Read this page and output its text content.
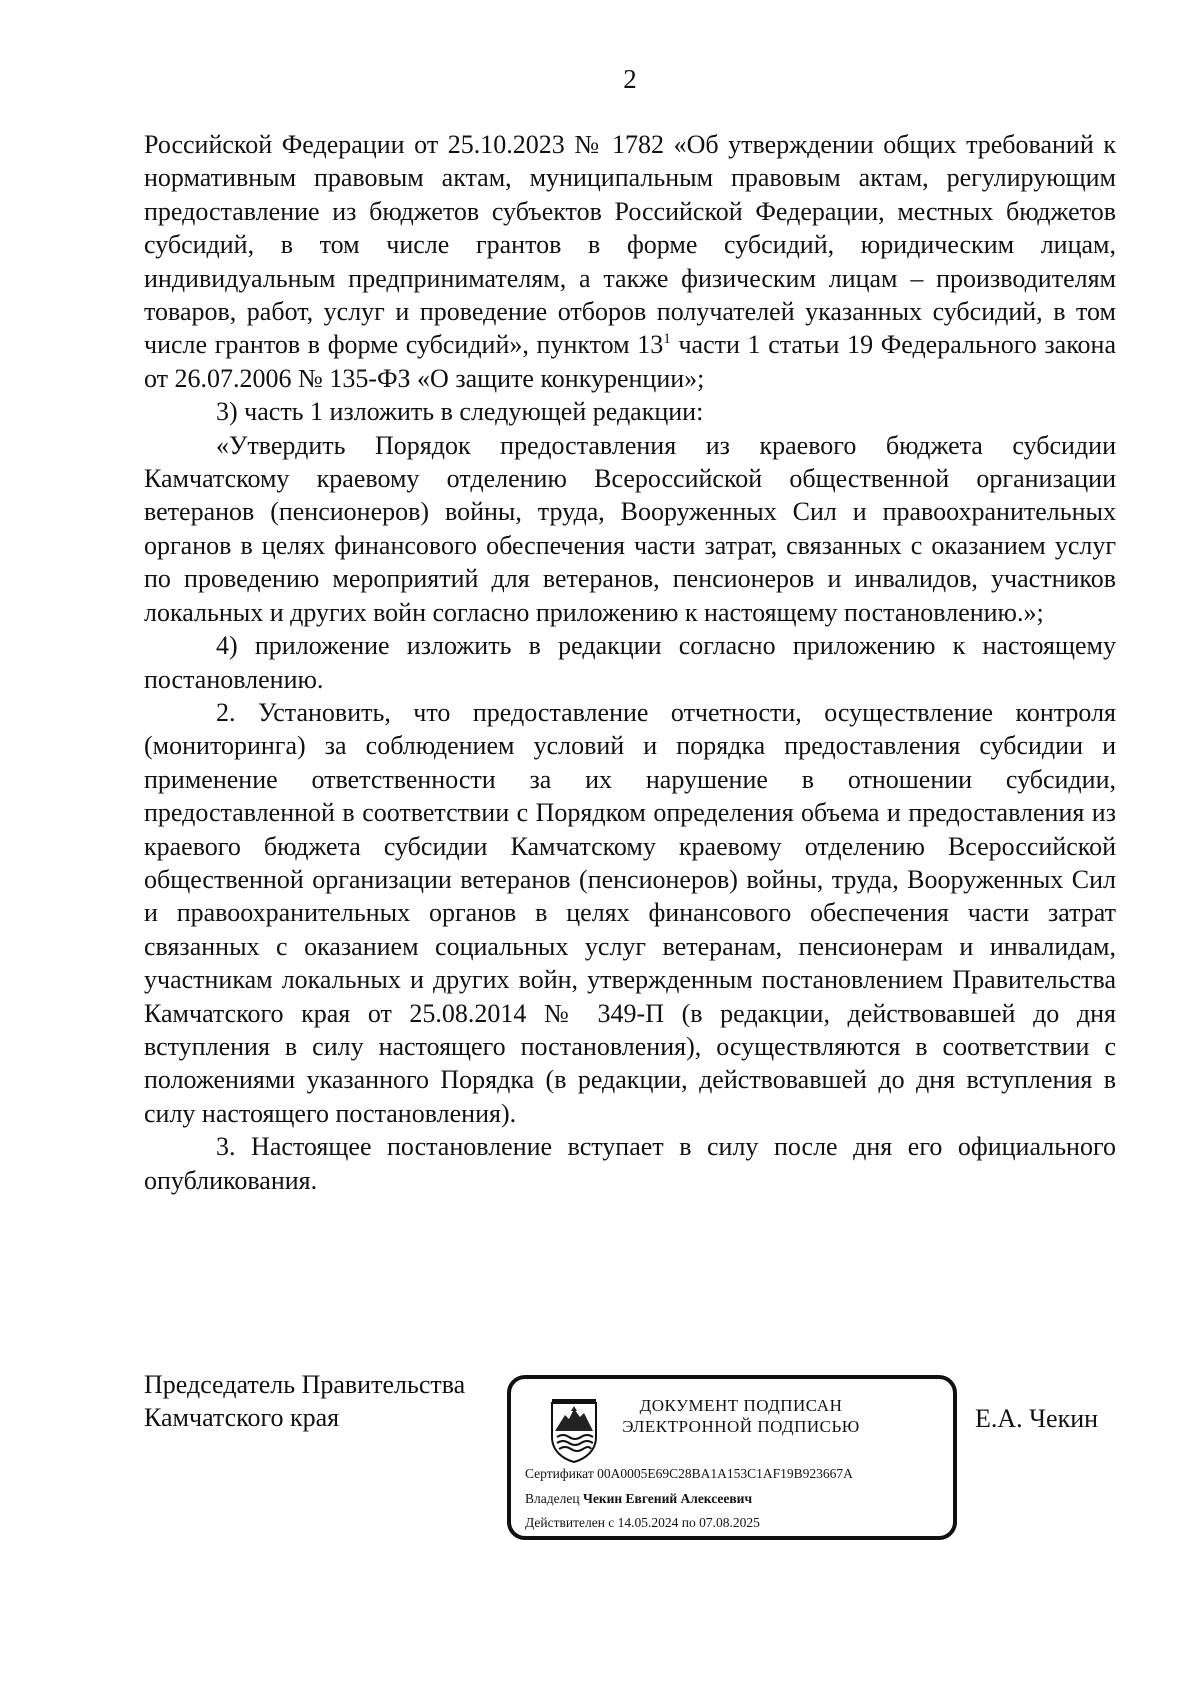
2

Российской Федерации от 25.10.2023 № 1782 «Об утверждении общих требований к нормативным правовым актам, муниципальным правовым актам, регулирующим предоставление из бюджетов субъектов Российской Федерации, местных бюджетов субсидий, в том числе грантов в форме субсидий, юридическим лицам, индивидуальным предпринимателям, а также физическим лицам – производителям товаров, работ, услуг и проведение отборов получателей указанных субсидий, в том числе грантов в форме субсидий», пунктом $13^1$ части 1 статьи 19 Федерального закона от 26.07.2006 № 135-ФЗ «О защите конкуренции»;

3) часть 1 изложить в следующей редакции:

«Утвердить Порядок предоставления из краевого бюджета субсидии Камчатскому краевому отделению Всероссийской общественной организации ветеранов (пенсионеров) войны, труда, Вооруженных Сил и правоохранительных органов в целях финансового обеспечения части затрат, связанных с оказанием услуг по проведению мероприятий для ветеранов, пенсионеров и инвалидов, участников локальных и других войн согласно приложению к настоящему постановлению.»;

4) приложение изложить в редакции согласно приложению к настоящему постановлению.

2. Установить, что предоставление отчетности, осуществление контроля (мониторинга) за соблюдением условий и порядка предоставления субсидии и применение ответственности за их нарушение в отношении субсидии, предоставленной в соответствии с Порядком определения объема и предоставления из краевого бюджета субсидии Камчатскому краевому отделению Всероссийской общественной организации ветеранов (пенсионеров) войны, труда, Вооруженных Сил и правоохранительных органов в целях финансового обеспечения части затрат связанных с оказанием социальных услуг ветеранам, пенсионерам и инвалидам, участникам локальных и других войн, утвержденным постановлением Правительства Камчатского края от 25.08.2014 № 349-П (в редакции, действовавшей до дня вступления в силу настоящего постановления), осуществляются в соответствии с положениями указанного Порядка (в редакции, действовавшей до дня вступления в силу настоящего постановления).

3. Настоящее постановление вступает в силу после дня его официального опубликования.

Председатель Правительства
Камчатского края	ДОКУМЕНТ ПОДПИСАН
ЭЛЕКТРОННОЙ ПОДПИСЬЮ
Сертификат 00A0005E69C28BA1A153C1AF19B923667A
Владелец Чекин Евгений Алексеевич
Действителен с 14.05.2024 по 07.08.2025
Е.А. Чекин
